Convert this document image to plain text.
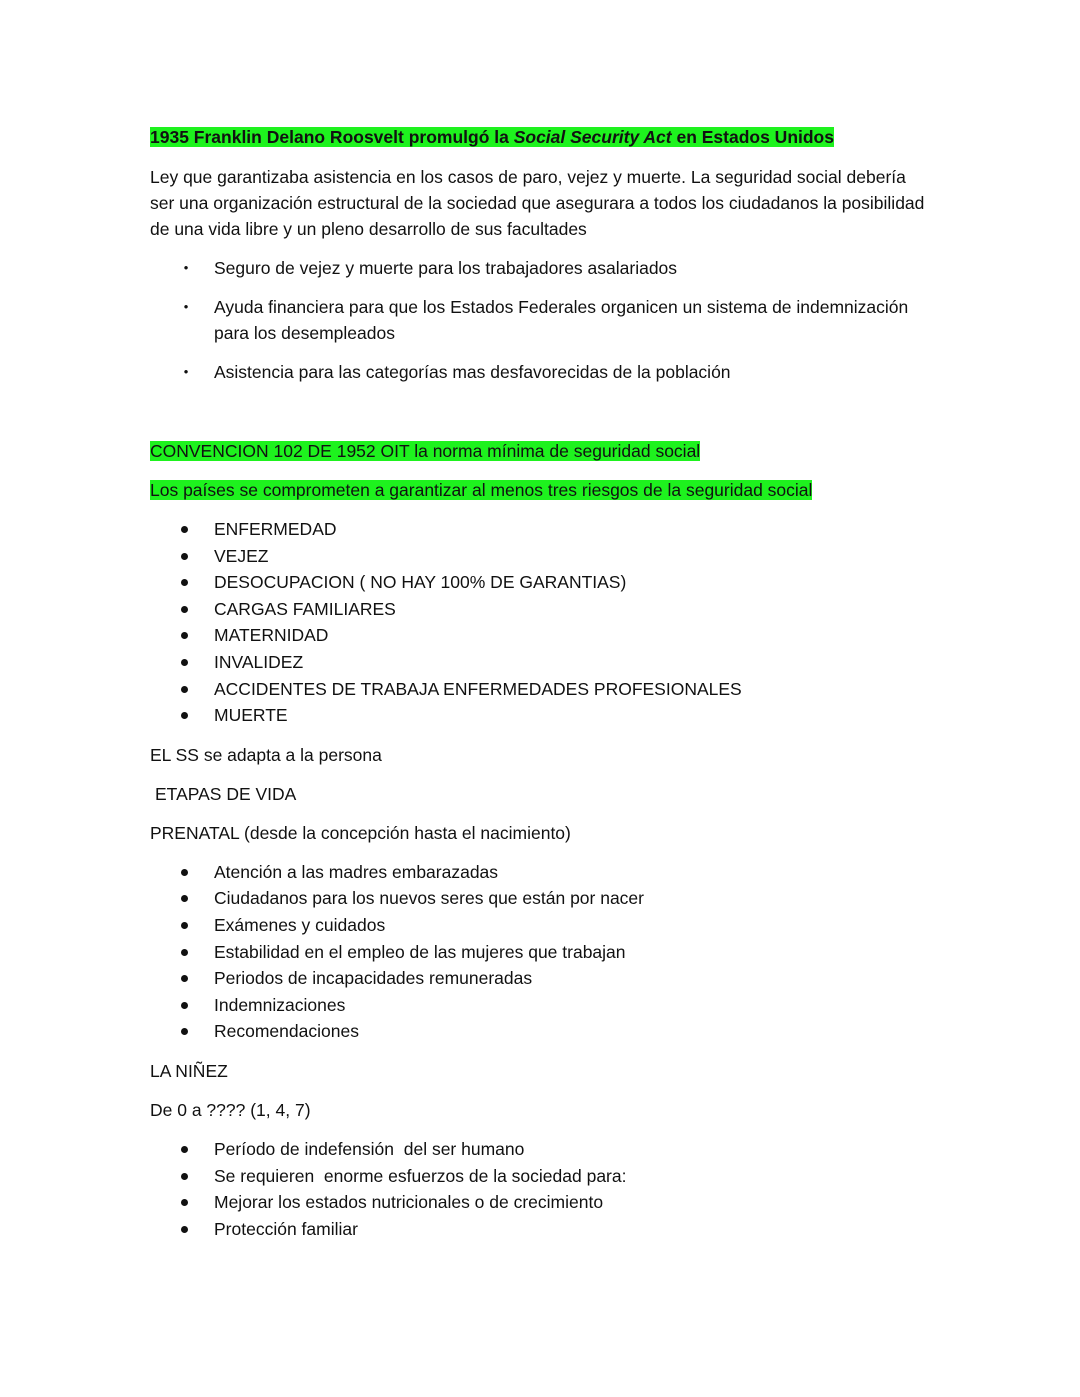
1935 Franklin Delano Roosvelt promulgó la Social Security Act en Estados Unidos

Ley que garantizaba asistencia en los casos de paro, vejez y muerte. La seguridad social debería ser una organización estructural de la sociedad que asegurara a todos los ciudadanos la posibilidad de una vida libre y un pleno desarrollo de sus facultades

• Seguro de vejez y muerte para los trabajadores asalariados
• Ayuda financiera para que los Estados Federales organicen un sistema de indemnización para los desempleados
• Asistencia para las categorías mas desfavorecidas de la población

CONVENCION 102 DE 1952 OIT la norma mínima de seguridad social

Los países se comprometen a garantizar al menos tres riesgos de la seguridad social

ENFERMEDAD
VEJEZ
DESOCUPACION ( NO HAY 100% DE GARANTIAS)
CARGAS FAMILIARES
MATERNIDAD
INVALIDEZ
ACCIDENTES DE TRABAJA ENFERMEDADES PROFESIONALES
MUERTE

EL SS se adapta a la persona

ETAPAS DE VIDA

PRENATAL (desde la concepción hasta el nacimiento)

Atención a las madres embarazadas
Ciudadanos para los nuevos seres que están por nacer
Exámenes y cuidados
Estabilidad en el empleo de las mujeres que trabajan
Periodos de incapacidades remuneradas
Indemnizaciones
Recomendaciones

LA NIÑEZ

De 0 a ???? (1, 4, 7)

Período de indefensión  del ser humano
Se requieren  enorme esfuerzos de la sociedad para:
Mejorar los estados nutricionales o de crecimiento
Protección familiar
